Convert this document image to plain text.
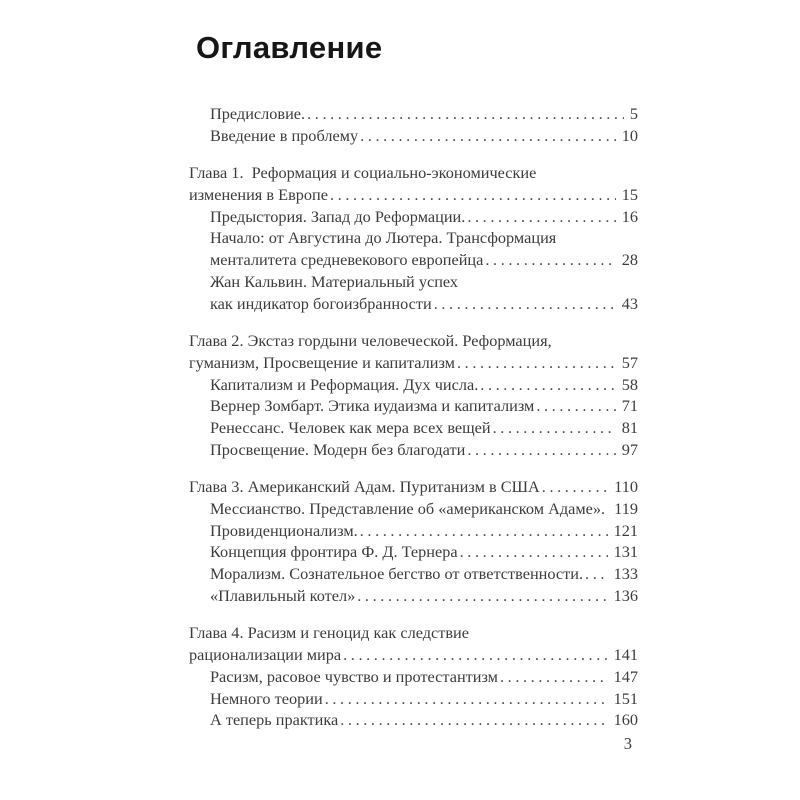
Оглавление
Предисловие. .....	5
Введение в проблему .....	10
Глава 1. Реформация и социально-экономические
изменения в Европе .....	15
Предыстория. Запад до Реформации. .....	16
Начало: от Августина до Лютера. Трансформация
менталитета средневекового европейца .....	28
Жан Кальвин. Материальный успех
как индикатор богоизбранности .....	43
Глава 2. Экстаз гордыни человеческой. Реформация,
гуманизм, Просвещение и капитализм .....	57
Капитализм и Реформация. Дух числа. .....	58
Вернер Зомбарт. Этика иудаизма и капитализм .....	71
Ренессанс. Человек как мера всех вещей .....	81
Просвещение. Модерн без благодати .....	97
Глава 3. Американский Адам. Пуританизм в США .....	110
Мессианство. Представление об «американском Адаме». ..... 119
Провиденционализм. .....	121
Концепция фронтира Ф. Д. Тернера .....	131
Морализм. Сознательное бегство от ответственности. ..... 133
«Плавильный котел» .....	136
Глава 4. Расизм и геноцид как следствие
рационализации мира .....	141
Расизм, расовое чувство и протестантизм .....	147
Немного теории .....	151
А теперь практика .....	160
3
